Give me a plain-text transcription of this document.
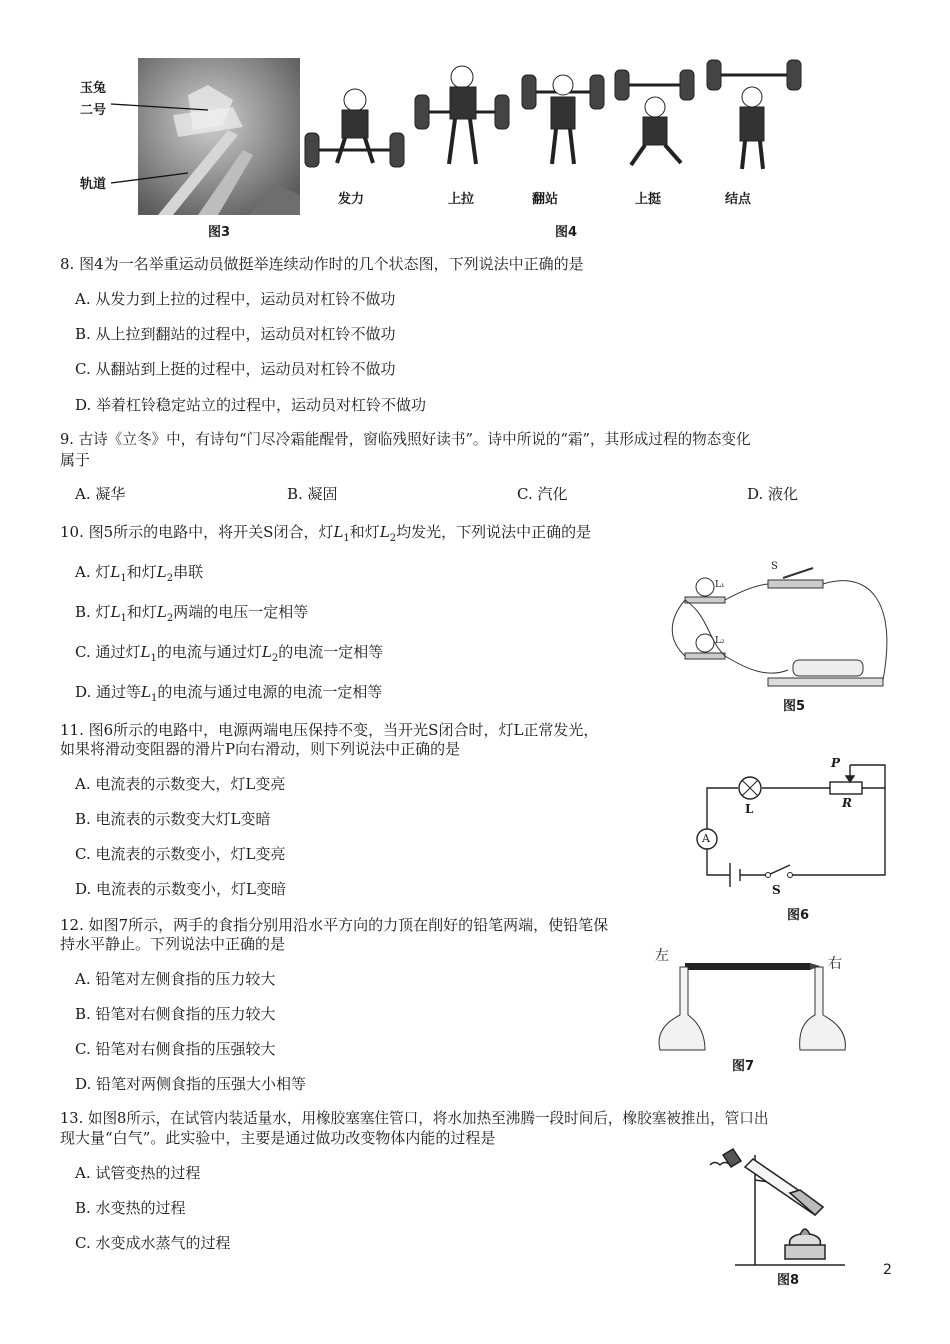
玉兔
二号
轨道
图3
发力	上拉	翻站	上挺	结点
图4
8. 图4为一名举重运动员做挺举连续动作时的几个状态图，下列说法中正确的是
A. 从发力到上拉的过程中，运动员对杠铃不做功
B. 从上拉到翻站的过程中，运动员对杠铃不做功
C. 从翻站到上挺的过程中，运动员对杠铃不做功
D. 举着杠铃稳定站立的过程中，运动员对杠铃不做功
9. 古诗《立冬》中，有诗句“门尽冷霜能醒骨，窗临残照好读书”。诗中所说的“霜”，其形成过程的物态变化
属于
A. 凝华	B. 凝固	C. 汽化	D. 液化
10. 图5所示的电路中，将开关S闭合，灯$L_1$和灯$L_2$均发光，下列说法中正确的是
A. 灯$L_1$和灯$L_2$串联
B. 灯$L_1$和灯$L_2$两端的电压一定相等
C. 通过灯$L_1$的电流与通过灯$L_2$的电流一定相等
D. 通过等$L_1$的电流与通过电源的电流一定相等
S
L₁
L₂
图5
11. 图6所示的电路中，电源两端电压保持不变，当开光S闭合时，灯L正常发光，
如果将滑动变阻器的滑片P向右滑动，则下列说法中正确的是
A. 电流表的示数变大，灯L变亮
B. 电流表的示数变大灯L变暗
C. 电流表的示数变小，灯L变亮
D. 电流表的示数变小，灯L变暗
P
R
L
A
S
图6
12. 如图7所示，两手的食指分别用沿水平方向的力顶在削好的铅笔两端，使铅笔保
持水平静止。下列说法中正确的是
A. 铅笔对左侧食指的压力较大
B. 铅笔对右侧食指的压力较大
C. 铅笔对右侧食指的压强较大
D. 铅笔对两侧食指的压强大小相等
左	右
图7
13. 如图8所示，在试管内装适量水，用橡胶塞塞住管口，将水加热至沸腾一段时间后，橡胶塞被推出，管口出
现大量“白气”。此实验中，主要是通过做功改变物体内能的过程是
A. 试管变热的过程
B. 水变热的过程
C. 水变成水蒸气的过程
图8
2
